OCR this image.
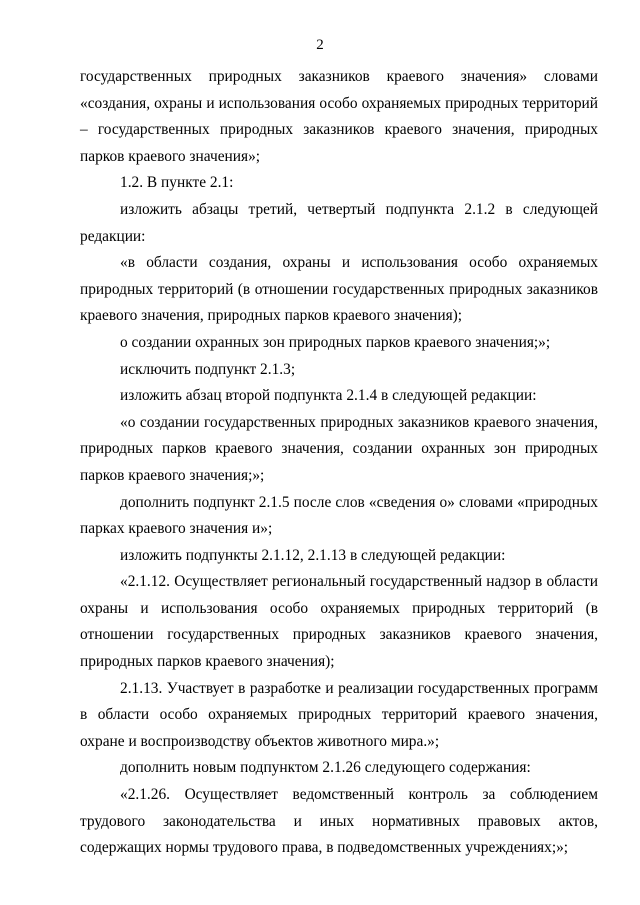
2

государственных природных заказников краевого значения» словами «создания, охраны и использования особо охраняемых природных территорий – государственных природных заказников краевого значения, природных парков краевого значения»;

1.2. В пункте 2.1:

изложить абзацы третий, четвертый подпункта 2.1.2 в следующей редакции:

«в области создания, охраны и использования особо охраняемых природных территорий (в отношении государственных природных заказников краевого значения, природных парков краевого значения);

о создании охранных зон природных парков краевого значения;»;

исключить подпункт 2.1.3;

изложить абзац второй подпункта 2.1.4 в следующей редакции:

«о создании государственных природных заказников краевого значения, природных парков краевого значения, создании охранных зон природных парков краевого значения;»;

дополнить подпункт 2.1.5 после слов «сведения о» словами «природных парках краевого значения и»;

изложить подпункты 2.1.12, 2.1.13 в следующей редакции:

«2.1.12. Осуществляет региональный государственный надзор в области охраны и использования особо охраняемых природных территорий (в отношении государственных природных заказников краевого значения, природных парков краевого значения);

2.1.13. Участвует в разработке и реализации государственных программ в области особо охраняемых природных территорий краевого значения, охране и воспроизводству объектов животного мира.»;

дополнить новым подпунктом 2.1.26 следующего содержания:

«2.1.26. Осуществляет ведомственный контроль за соблюдением трудового законодательства и иных нормативных правовых актов, содержащих нормы трудового права, в подведомственных учреждениях;»;
